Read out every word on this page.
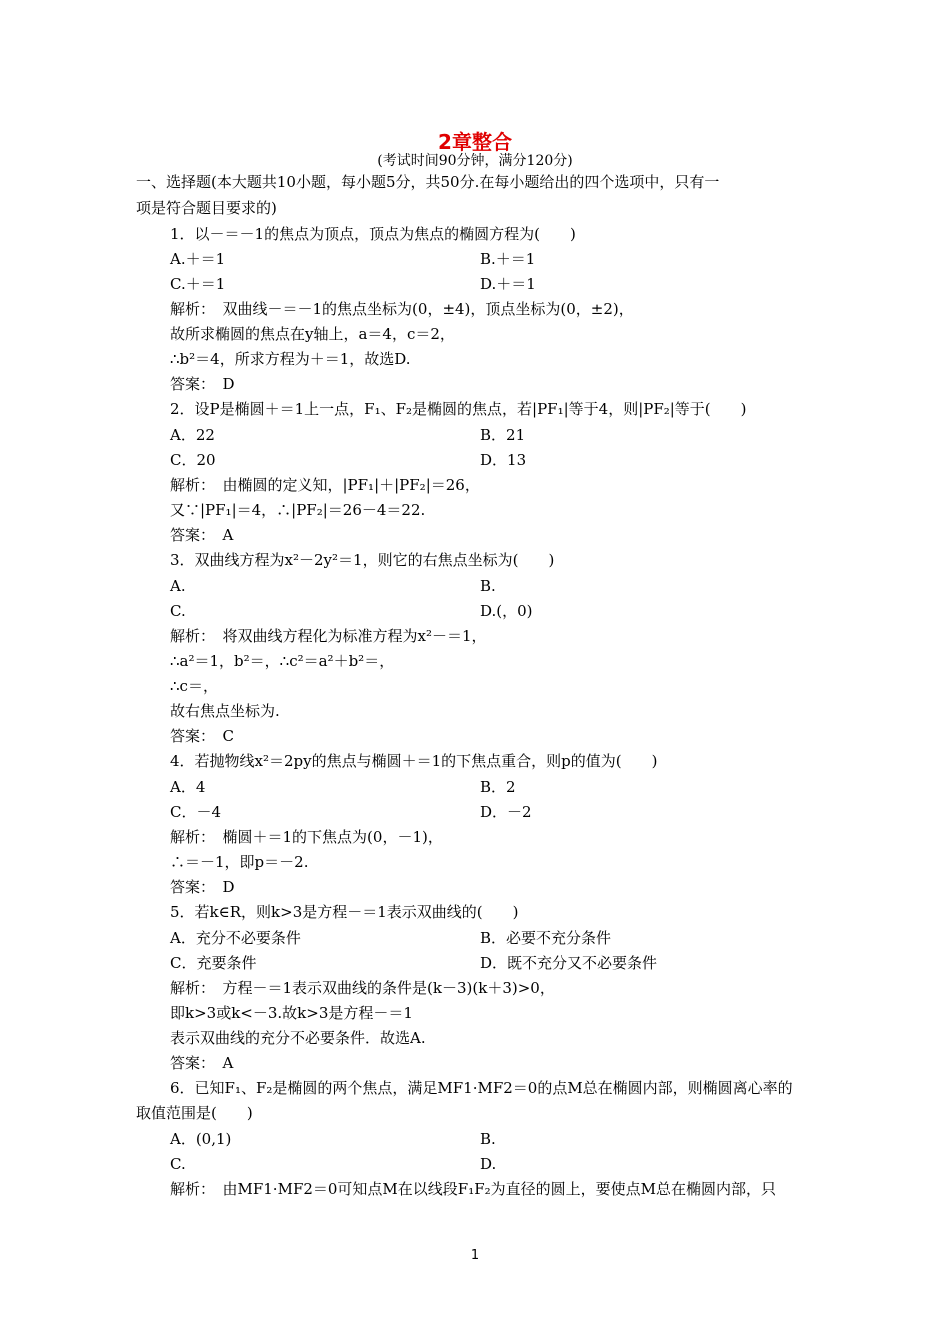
2章整合
(考试时间90分钟，满分120分)
一、选择题(本大题共10小题，每小题5分，共50分.在每小题给出的四个选项中，只有一
项是符合题目要求的)
1．以－＝－1的焦点为顶点，顶点为焦点的椭圆方程为(　　)
A.＋＝1	B.＋＝1
C.＋＝1	D.＋＝1
解析：　双曲线－＝－1的焦点坐标为(0，±4)，顶点坐标为(0，±2)，
故所求椭圆的焦点在y轴上，a＝4，c＝2，
∴b²＝4，所求方程为＋＝1，故选D.
答案：　D
2．设P是椭圆＋＝1上一点，F₁、F₂是椭圆的焦点，若|PF₁|等于4，则|PF₂|等于(　　)
A．22	B．21
C．20	D．13
解析：　由椭圆的定义知，|PF₁|＋|PF₂|＝26，
又∵|PF₁|＝4，∴|PF₂|＝26－4＝22.
答案：　A
3．双曲线方程为x²－2y²＝1，则它的右焦点坐标为(　　)
A.	B.
C.	D.(，0)
解析：　将双曲线方程化为标准方程为x²－＝1，
∴a²＝1，b²＝，∴c²＝a²＋b²＝，
∴c＝，
故右焦点坐标为.
答案：　C
4．若抛物线x²＝2py的焦点与椭圆＋＝1的下焦点重合，则p的值为(　　)
A．4	B．2
C．－4	D．－2
解析：　椭圆＋＝1的下焦点为(0，－1)，
∴＝－1，即p＝－2.
答案：　D
5．若k∈R，则k>3是方程－＝1表示双曲线的(　　)
A．充分不必要条件	B．必要不充分条件
C．充要条件	D．既不充分又不必要条件
解析：　方程－＝1表示双曲线的条件是(k－3)(k＋3)>0，
即k>3或k<－3.故k>3是方程－＝1
表示双曲线的充分不必要条件．故选A.
答案：　A
6．已知F₁、F₂是椭圆的两个焦点，满足MF1·MF2＝0的点M总在椭圆内部，则椭圆离心率的
取值范围是(　　)
A．(0,1)	B.
C.	D.
解析：　由MF1·MF2＝0可知点M在以线段F₁F₂为直径的圆上，要使点M总在椭圆内部，只
1
